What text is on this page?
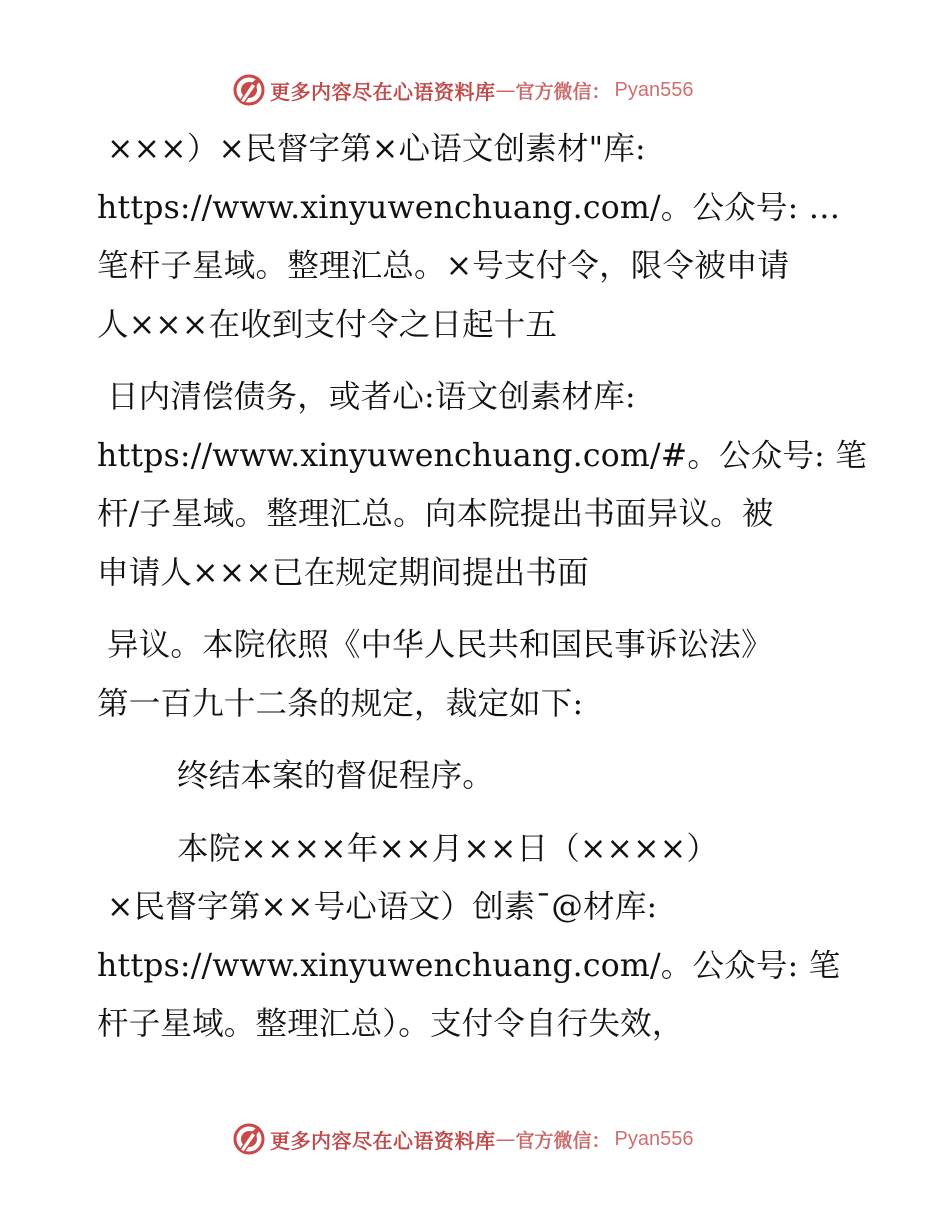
更多内容尽在心语资料库 — 官方微信： Pyan556
×××）×民督字第×心语文创素材"库:
https://www.xinyuwenchuang.com/。公众号: …
笔杆子星域。整理汇总。×号支付令，限令被申请
人×××在收到支付令之日起十五
日内清偿债务，或者心:语文创素材库:
https://www.xinyuwenchuang.com/#。公众号: 笔
杆/子星域。整理汇总。向本院提出书面异议。被
申请人×××已在规定期间提出书面
异议。本院依照《中华人民共和国民事诉讼法》
第一百九十二条的规定，裁定如下:
终结本案的督促程序。
本院××××年××月××日（××××）
×民督字第××号心语文）创素¯@材库:
https://www.xinyuwenchuang.com/。公众号: 笔
杆子星域。整理汇总）。支付令自行失效，
更多内容尽在心语资料库 — 官方微信： Pyan556
